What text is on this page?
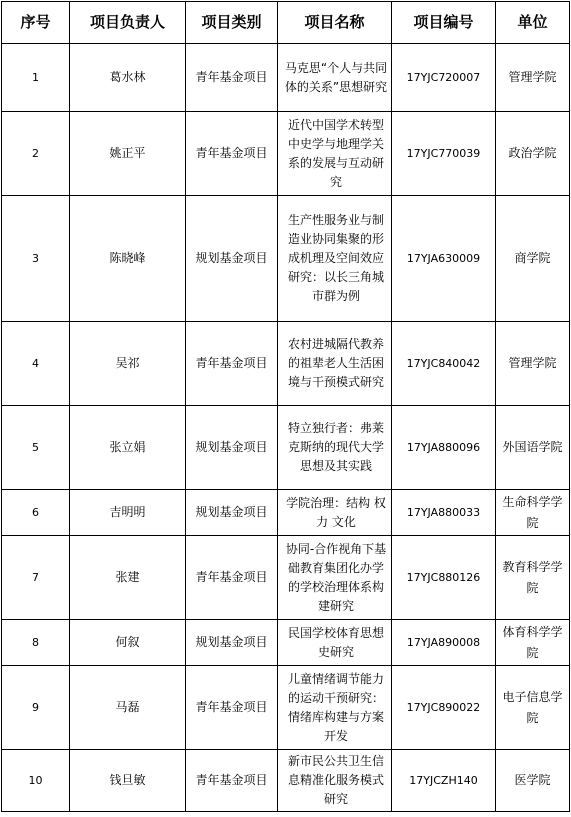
序号	项目负责人	项目类别	项目名称	项目编号	单位
1	葛水林	青年基金项目	马克思“个人与共同体的关系”思想研究	17YJC720007	管理学院
2	姚正平	青年基金项目	近代中国学术转型中史学与地理学关系的发展与互动研究	17YJC770039	政治学院
3	陈晓峰	规划基金项目	生产性服务业与制造业协同集聚的形成机理及空间效应研究：以长三角城市群为例	17YJA630009	商学院
4	吴祁	青年基金项目	农村进城隔代教养的祖辈老人生活困境与干预模式研究	17YJC840042	管理学院
5	张立娟	规划基金项目	特立独行者：弗莱克斯纳的现代大学思想及其实践	17YJA880096	外国语学院
6	吉明明	规划基金项目	学院治理：结构 权力 文化	17YJA880033	生命科学学院
7	张建	青年基金项目	协同-合作视角下基础教育集团化办学的学校治理体系构建研究	17YJC880126	教育科学学院
8	何叙	规划基金项目	民国学校体育思想史研究	17YJA890008	体育科学学院
9	马磊	青年基金项目	儿童情绪调节能力的运动干预研究：情绪库构建与方案开发	17YJC890022	电子信息学院
10	钱旦敏	青年基金项目	新市民公共卫生信息精准化服务模式研究	17YJCZH140	医学院
